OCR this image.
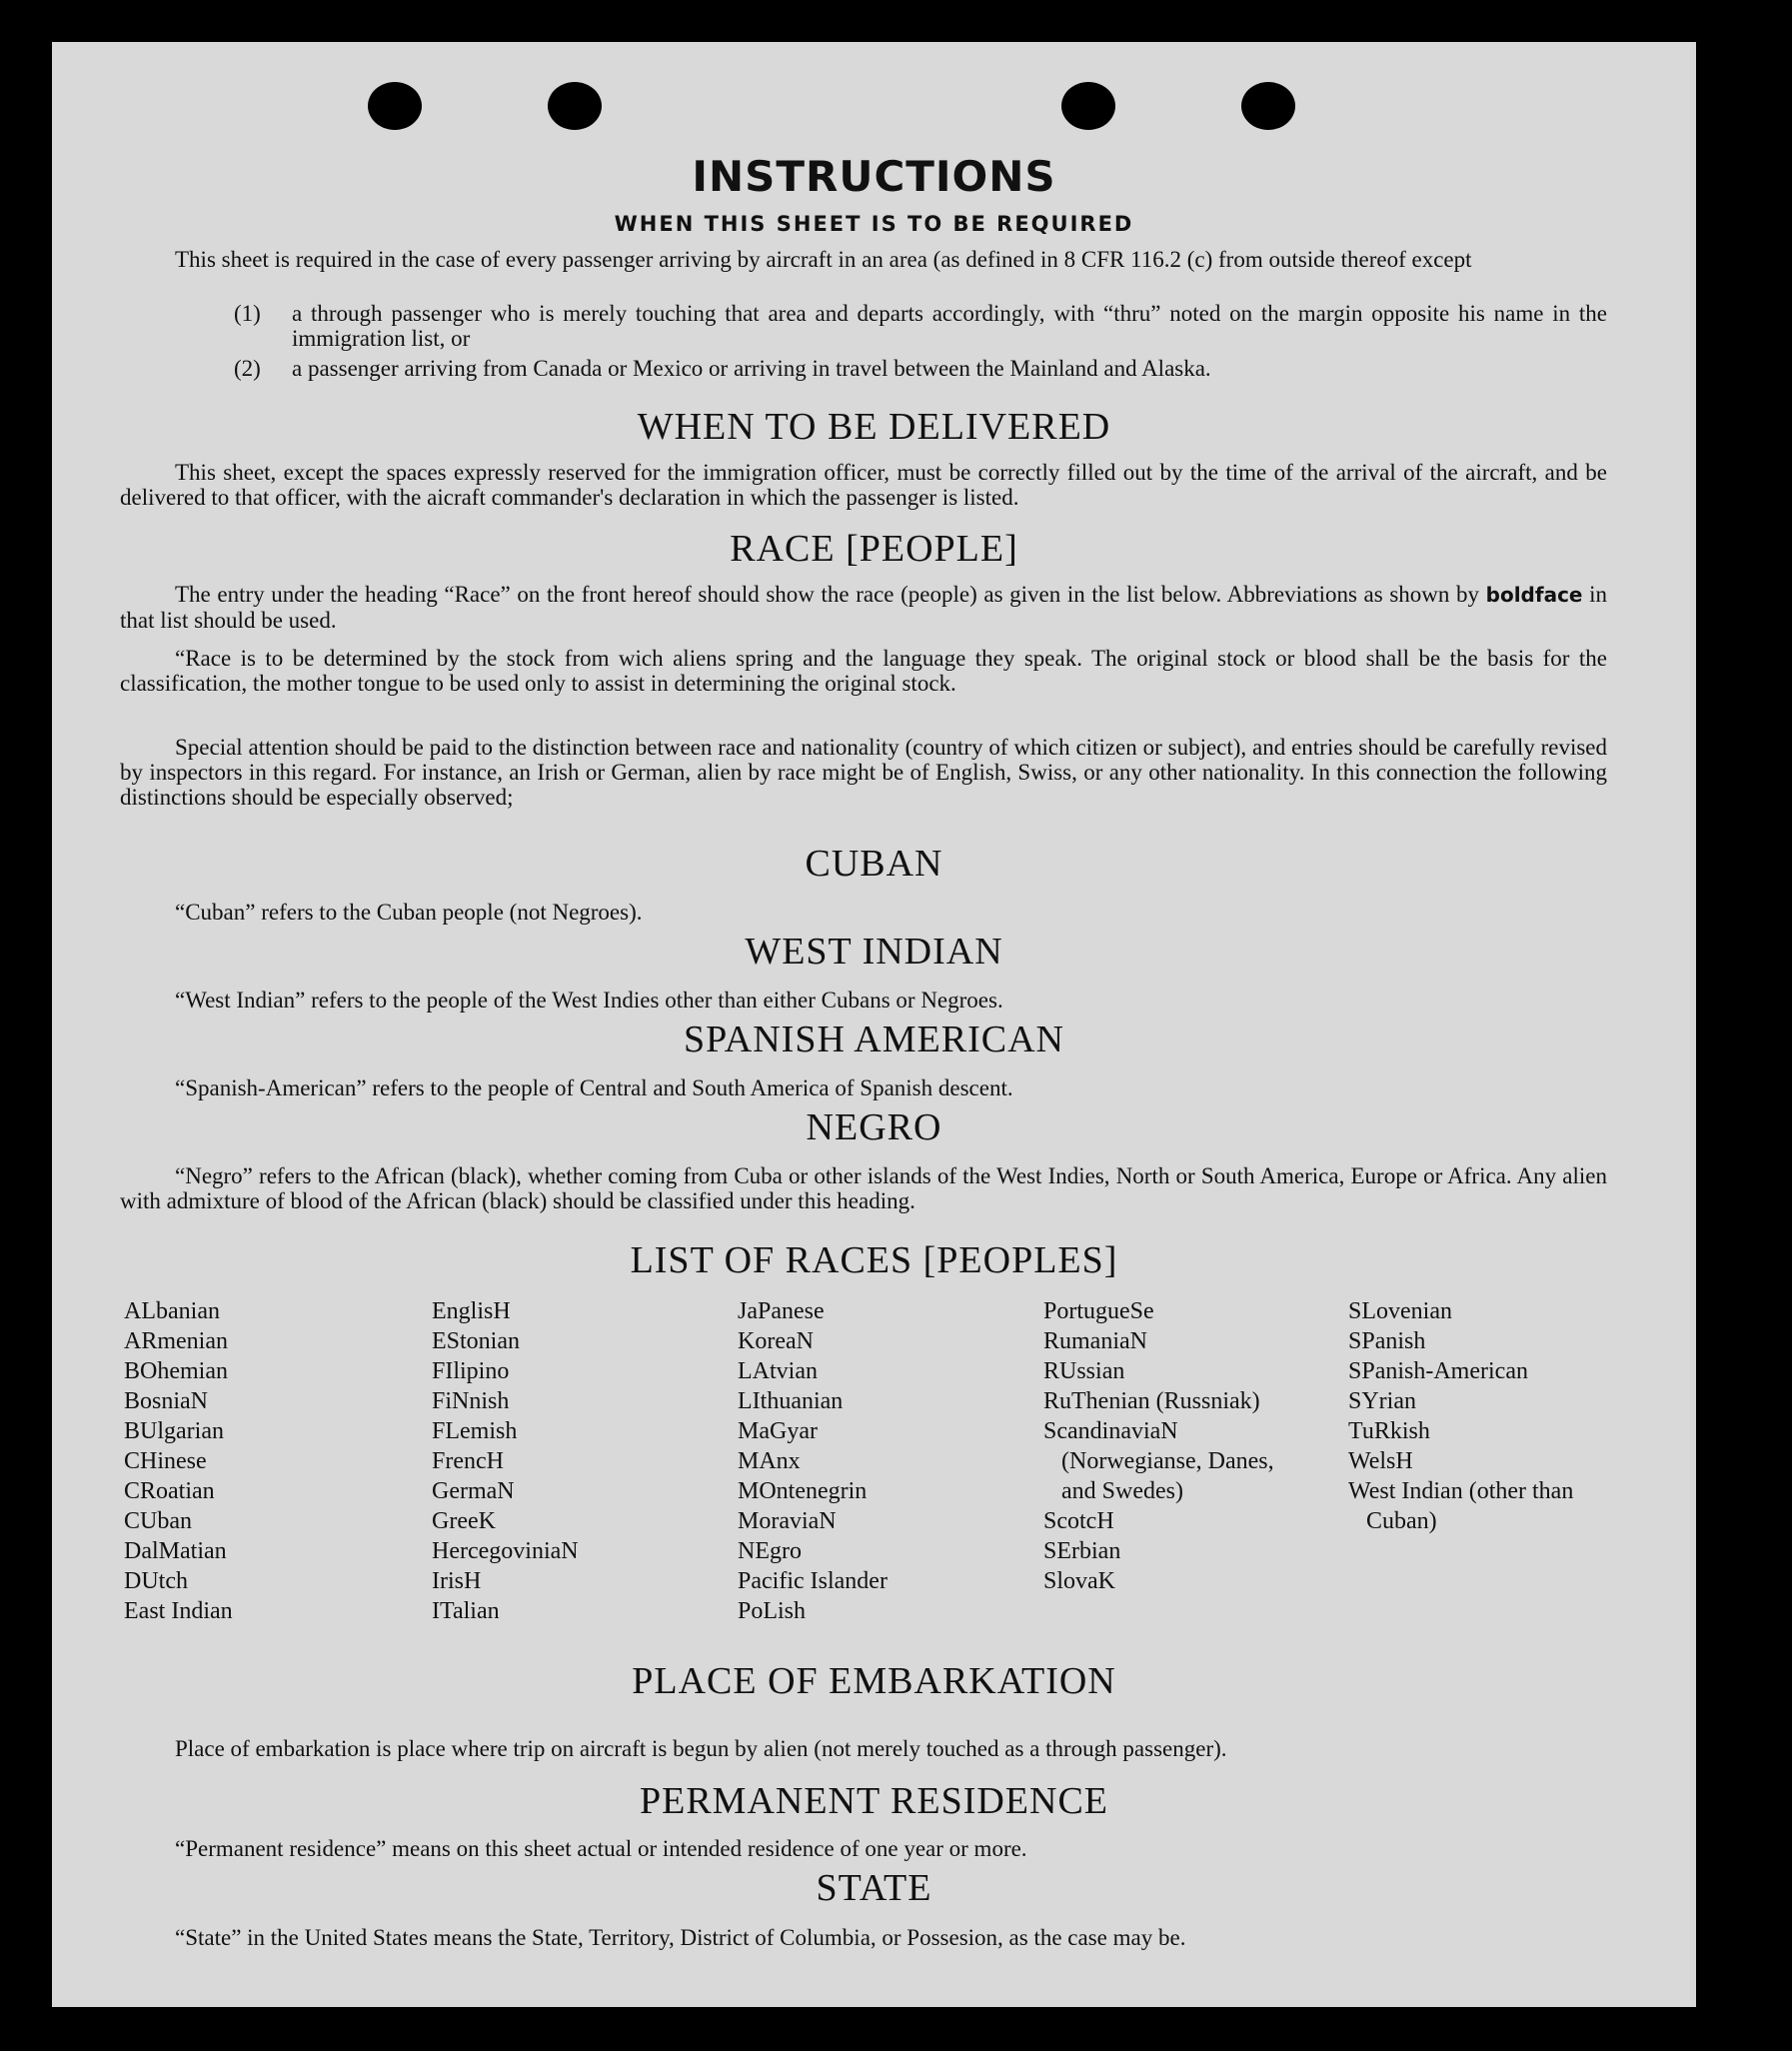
INSTRUCTIONS
WHEN THIS SHEET IS TO BE REQUIRED

This sheet is required in the case of every passenger arriving by aircraft in an area (as defined in 8 CFR 116.2 (c) from outside thereof except

(1) a through passenger who is merely touching that area and departs accordingly, with “thru” noted on the margin opposite his name in the immigration list, or

(2) a passenger arriving from Canada or Mexico or arriving in travel between the Mainland and Alaska.

WHEN TO BE DELIVERED

This sheet, except the spaces expressly reserved for the immigration officer, must be correctly filled out by the time of the arrival of the aircraft, and be delivered to that officer, with the aicraft commander's declaration in which the passenger is listed.

RACE [PEOPLE]

The entry under the heading “Race” on the front hereof should show the race (people) as given in the list below. Abbreviations as shown by boldface in that list should be used.

“Race is to be determined by the stock from wich aliens spring and the language they speak. The original stock or blood shall be the basis for the classification, the mother tongue to be used only to assist in determining the original stock.

Special attention should be paid to the distinction between race and nationality (country of which citizen or subject), and entries should be carefully revised by inspectors in this regard. For instance, an Irish or German, alien by race might be of English, Swiss, or any other nationality. In this connection the following distinctions should be especially observed;

CUBAN

“Cuban” refers to the Cuban people (not Negroes).

WEST INDIAN

“West Indian” refers to the people of the West Indies other than either Cubans or Negroes.

SPANISH AMERICAN

“Spanish-American” refers to the people of Central and South America of Spanish descent.

NEGRO

“Negro” refers to the African (black), whether coming from Cuba or other islands of the West Indies, North or South America, Europe or Africa. Any alien with admixture of blood of the African (black) should be classified under this heading.

LIST OF RACES [PEOPLES]
ALbanian
ARmenian
BOhemian
BosniaN
BUlgarian
CHinese
CRoatian
CUban
DalMatian
DUtch
East Indian
EnglisH
EStonian
FIlipino
FiNnish
FLemish
FrencH
GermaN
GreeK
HercegoviniaN
IrisH
ITalian
JaPanese
KoreaN
LAtvian
LIthuanian
MaGyar
MAnx
MOntenegrin
MoraviaN
NEgro
Pacific Islander
PoLish
PortugueSe
RumaniaN
RUssian
RuThenian (Russniak)
ScandinaviaN (Norwegianse, Danes, and Swedes)
ScotcH
SErbian
SlovaK
SLovenian
SPanish
SPanish-American
SYrian
TuRkish
WelsH
West Indian (other than Cuban)
PLACE OF EMBARKATION

Place of embarkation is place where trip on aircraft is begun by alien (not merely touched as a through passenger).

PERMANENT RESIDENCE

“Permanent residence” means on this sheet actual or intended residence of one year or more.

STATE

“State” in the United States means the State, Territory, District of Columbia, or Possesion, as the case may be.
